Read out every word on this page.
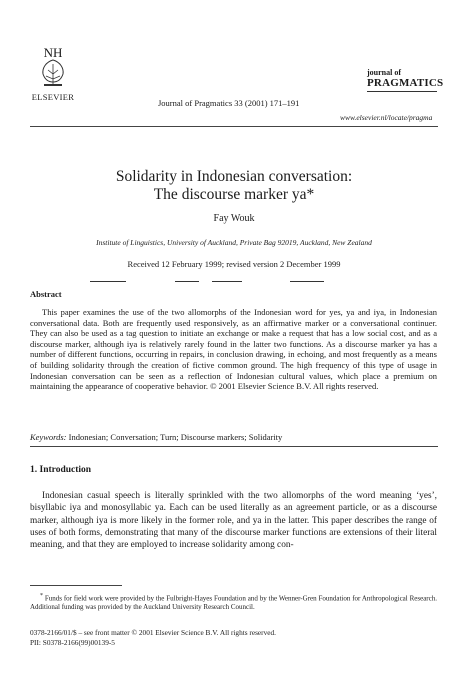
NH
ELSEVIER
Journal of Pragmatics 33 (2001) 171–191
journal of
PRAGMATICS
www.elsevier.nl/locate/pragma
Solidarity in Indonesian conversation:
The discourse marker ya*
Fay Wouk
Institute of Linguistics, University of Auckland, Private Bag 92019, Auckland, New Zealand
Received 12 February 1999; revised version 2 December 1999
Abstract
This paper examines the use of the two allomorphs of the Indonesian word for yes, ya and iya, in Indonesian conversational data. Both are frequently used responsively, as an affirmative marker or a conversational continuer. They can also be used as a tag question to initiate an exchange or make a request that has a low social cost, and as a discourse marker, although iya is relatively rarely found in the latter two functions. As a discourse marker ya has a number of different functions, occurring in repairs, in conclusion drawing, in echoing, and most frequently as a means of building solidarity through the creation of fictive common ground. The high frequency of this type of usage in Indonesian conversation can be seen as a reflection of Indonesian cultural values, which place a premium on maintaining the appearance of cooperative behavior. © 2001 Elsevier Science B.V. All rights reserved.
Keywords: Indonesian; Conversation; Turn; Discourse markers; Solidarity
1. Introduction
Indonesian casual speech is literally sprinkled with the two allomorphs of the word meaning ‘yes’, bisyllabic iya and monosyllabic ya. Each can be used literally as an agreement particle, or as a discourse marker, although iya is more likely in the former role, and ya in the latter. This paper describes the range of uses of both forms, demonstrating that many of the discourse marker functions are extensions of their literal meaning, and that they are employed to increase solidarity among con-
* Funds for field work were provided by the Fulbright-Hayes Foundation and by the Wenner-Gren Foundation for Anthropological Research. Additional funding was provided by the Auckland University Research Council.
0378-2166/01/$ – see front matter © 2001 Elsevier Science B.V. All rights reserved.
PII: S0378-2166(99)00139-5
